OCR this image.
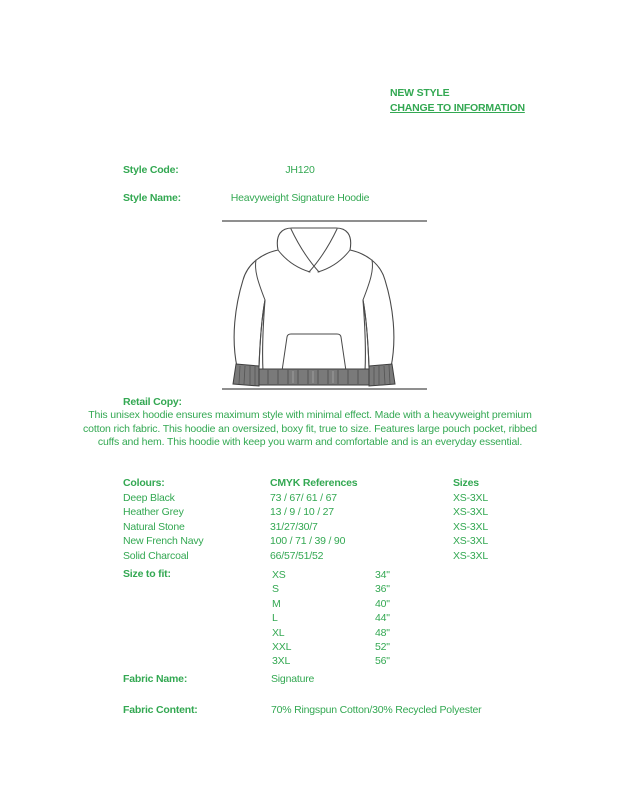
NEW STYLE
CHANGE TO INFORMATION
Style Code:	JH120
Style Name:	Heavyweight Signature Hoodie
Retail Copy:
This unisex hoodie ensures maximum style with minimal effect. Made with a heavyweight premium cotton rich fabric. This hoodie an oversized, boxy fit, true to size. Features large pouch pocket, ribbed cuffs and hem. This hoodie with keep you warm and comfortable and is an everyday essential.
Colours:	CMYK References	Sizes
Deep Black	73 / 67/ 61 / 67	XS-3XL
Heather Grey	13 / 9 / 10 / 27	XS-3XL
Natural Stone	31/27/30/7	XS-3XL
New French Navy	100 / 71 / 39 / 90	XS-3XL
Solid Charcoal	66/57/51/52	XS-3XL
Size to fit:	XS	34"
S	36"
M	40"
L	44"
XL	48"
XXL	52"
3XL	56"
Fabric Name:	Signature
Fabric Content:	70% Ringspun Cotton/30% Recycled Polyester
